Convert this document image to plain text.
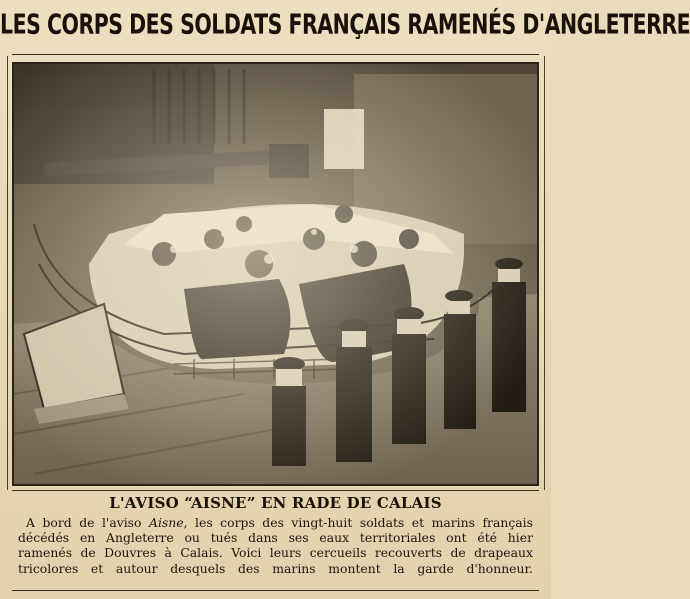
LES CORPS DES SOLDATS FRANÇAIS RAMENÉS D'ANGLETERRE
L'AVISO “AISNE” EN RADE DE CALAIS
A bord de l'aviso Aisne, les corps des vingt-huit soldats et marins français
décédés en Angleterre ou tués dans ses eaux territoriales ont été hier
ramenés de Douvres à Calais. Voici leurs cercueils recouverts de drapeaux
tricolores et autour desquels des marins montent la garde d'honneur.
